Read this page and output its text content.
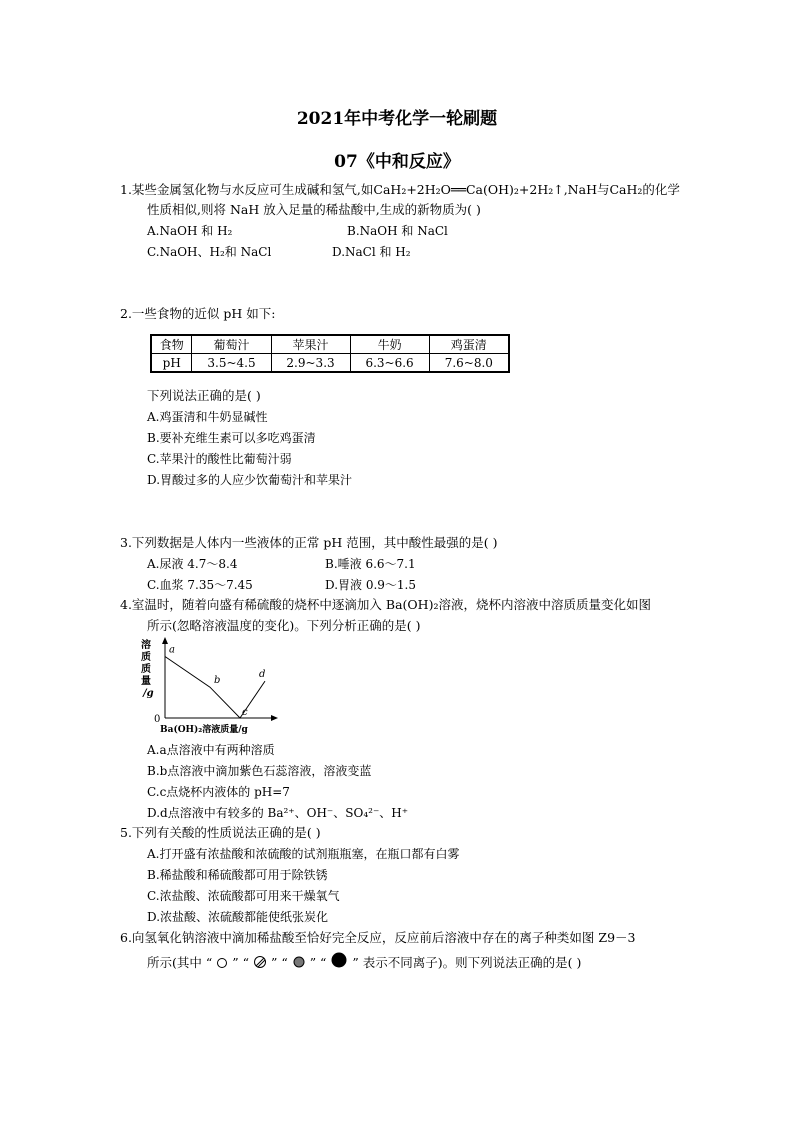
2021年中考化学一轮刷题
07《中和反应》
1.某些金属氢化物与水反应可生成碱和氢气,如CaH₂+2H₂O══Ca(OH)₂+2H₂↑,NaH与CaH₂的化学
性质相似,则将 NaH 放入足量的稀盐酸中,生成的新物质为( )
A.NaOH 和 H₂	B.NaOH 和 NaCl
C.NaOH、H₂和 NaCl	D.NaCl 和 H₂
2.一些食物的近似 pH 如下:
食物	葡萄汁	苹果汁	牛奶	鸡蛋清
pH	3.5~4.5	2.9~3.3	6.3~6.6	7.6~8.0
下列说法正确的是( )
A.鸡蛋清和牛奶显碱性
B.要补充维生素可以多吃鸡蛋清
C.苹果汁的酸性比葡萄汁弱
D.胃酸过多的人应少饮葡萄汁和苹果汁
3.下列数据是人体内一些液体的正常 pH 范围，其中酸性最强的是( )
A.尿液 4.7～8.4	B.唾液 6.6～7.1
C.血浆 7.35～7.45	D.胃液 0.9～1.5
4.室温时，随着向盛有稀硫酸的烧杯中逐滴加入 Ba(OH)₂溶液，烧杯内溶液中溶质质量变化如图
所示(忽略溶液温度的变化)。下列分析正确的是( )
溶
质
质
量
/g
0
Ba(OH)₂溶液质量/g
a
b
c
d
A.a点溶液中有两种溶质
B.b点溶液中滴加紫色石蕊溶液，溶液变蓝
C.c点烧杯内液体的 pH=7
D.d点溶液中有较多的 Ba²⁺、OH⁻、SO₄²⁻、H⁺
5.下列有关酸的性质说法正确的是( )
A.打开盛有浓盐酸和浓硫酸的试剂瓶瓶塞，在瓶口都有白雾
B.稀盐酸和稀硫酸都可用于除铁锈
C.浓盐酸、浓硫酸都可用来干燥氧气
D.浓盐酸、浓硫酸都能使纸张炭化
6.向氢氧化钠溶液中滴加稀盐酸至恰好完全反应，反应前后溶液中存在的离子种类如图 Z9－3
所示(其中 “ ” “ ” “ ” “ ” 表示不同离子)。则下列说法正确的是( )
